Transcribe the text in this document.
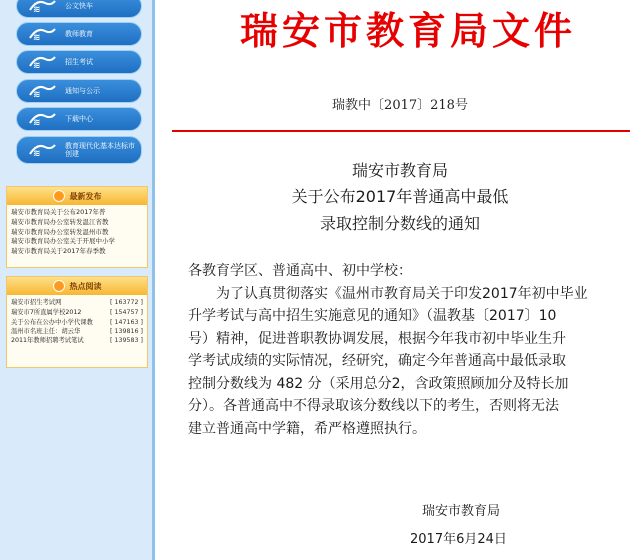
≋	公文快车
≋	教师教育
≋	招生考试
≋	通知与公示
≋	下载中心
≋
教育现代化基本达标市创建
最新发布
瑞安市教育局关于公布2017年普
瑞安市教育局办公室转发温江省教
瑞安市教育局办公室转发温州市教
瑞安市教育局办公室关于开展中小学
瑞安市教育局关于2017年春季教
热点阅读
瑞安市招生考试网	[ 163772 ]
瑞安市7所直属学校2012	[ 154757 ]
关于公布在公办中小学代课教	[ 147163 ]
温州市名班主任：胡云华	[ 139816 ]
2011年教师招聘考试笔试	[ 139583 ]
瑞安市教育局文件
瑞教中〔2017〕218号
瑞安市教育局
关于公布2017年普通高中最低
录取控制分数线的通知
各教育学区、普通高中、初中学校：
为了认真贯彻落实《温州市教育局关于印发2017年初中毕业
升学考试与高中招生实施意见的通知》（温教基〔2017〕10
号）精神，促进普职教协调发展，根据今年我市初中毕业生升
学考试成绩的实际情况，经研究，确定今年普通高中最低录取
控制分数线为 482 分（采用总分2，含政策照顾加分及特长加
分）。各普通高中不得录取该分数线以下的考生，否则将无法
建立普通高中学籍，希严格遵照执行。
瑞安市教育局
2017年6月24日
